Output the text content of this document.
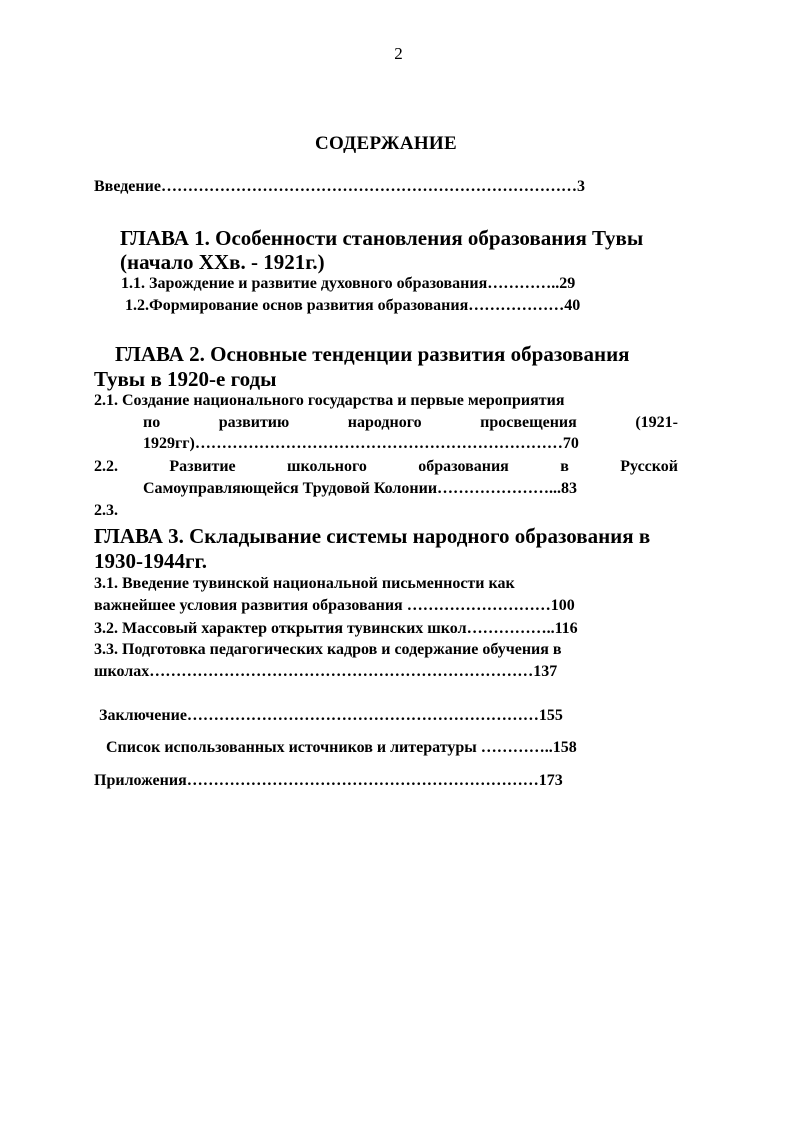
2
СОДЕРЖАНИЕ
Введение……………………………………………………………………3
ГЛАВА 1. Особенности становления образования Тувы
(начало XXв. - 1921г.)
1.1. Зарождение и развитие духовного образования…………..29
1.2.Формирование основ развития образования………………40
ГЛАВА 2. Основные тенденции развития образования
Тувы в 1920-е годы
2.1. Создание национального государства и первые мероприятия
по развитию народного просвещения (1921-
1929гг)……………………………………………………………70
2.2. Развитие школьного образования в Русской
Самоуправляющейся Трудовой Колонии…………………...83
2.3.
ГЛАВА 3. Складывание системы народного образования в
1930-1944гг.
3.1. Введение тувинской национальной письменности как
важнейшее условия развития образования ………………………100
3.2. Массовый характер открытия тувинских школ……………..116
3.3. Подготовка педагогических кадров и содержание обучения в
школах………………………………………………………………137
Заключение…………………………………………………………155
Список использованных источников и литературы …………..158
Приложения…………………………………………………………173
